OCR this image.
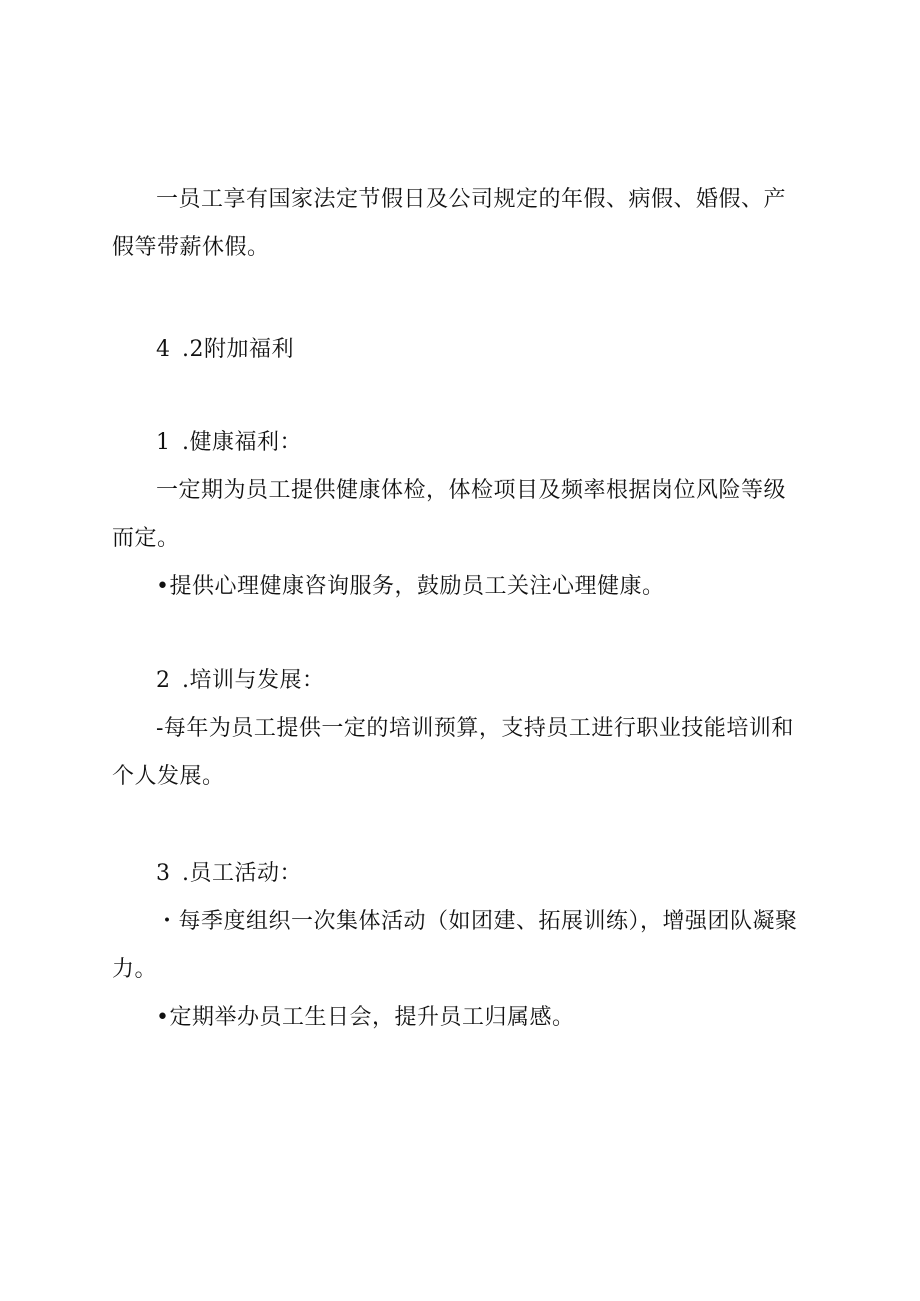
一员工享有国家法定节假日及公司规定的年假、病假、婚假、产假等带薪休假。
4 .2附加福利
1 .健康福利：
一定期为员工提供健康体检，体检项目及频率根据岗位风险等级而定。
•提供心理健康咨询服务，鼓励员工关注心理健康。
2 .培训与发展：
-每年为员工提供一定的培训预算，支持员工进行职业技能培训和个人发展。
3 .员工活动：
・每季度组织一次集体活动（如团建、拓展训练），增强团队凝聚力。
•定期举办员工生日会，提升员工归属感。
